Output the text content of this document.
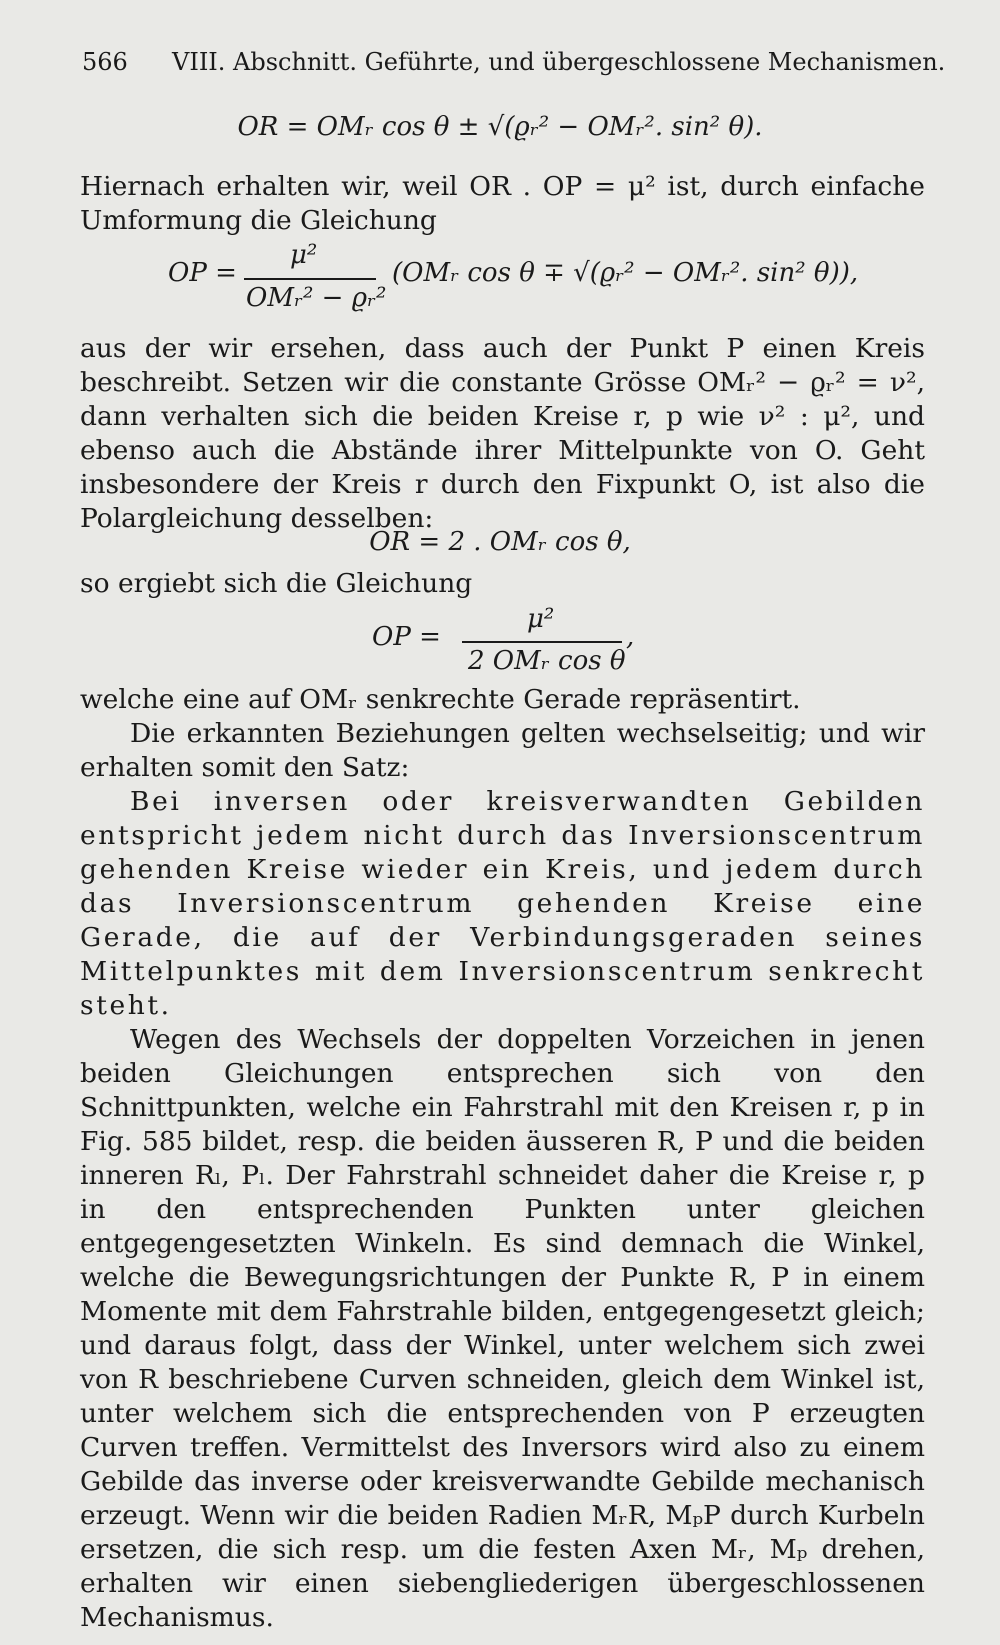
566 VIII. Abschnitt. Geführte, und übergeschlossene Mechanismen.
OR = OMᵣ cos θ ± √(ϱᵣ² − OMᵣ². sin² θ).

Hiernach erhalten wir, weil OR . OP = μ² ist, durch einfache Umformung die Gleichung

OP =
μ²
OMᵣ² − ϱᵣ²
(OMᵣ cos θ ∓ √(ϱᵣ² − OMᵣ². sin² θ)),

aus der wir ersehen, dass auch der Punkt P einen Kreis beschreibt. Setzen wir die constante Grösse OMᵣ² − ϱᵣ² = ν², dann verhalten sich die beiden Kreise r, p wie ν² : μ², und ebenso auch die Abstände ihrer Mittelpunkte von O. Geht insbesondere der Kreis r durch den Fixpunkt O, ist also die Polargleichung desselben:

OR = 2 . OMᵣ cos θ,

so ergiebt sich die Gleichung

OP =
μ²
2 OMᵣ cos θ
,

welche eine auf OMᵣ senkrechte Gerade repräsentirt.

Die erkannten Beziehungen gelten wechselseitig; und wir erhalten somit den Satz:

Bei inversen oder kreisverwandten Gebilden entspricht jedem nicht durch das Inversionscentrum gehenden Kreise wieder ein Kreis, und jedem durch das Inversionscentrum gehenden Kreise eine Gerade, die auf der Verbindungsgeraden seines Mittelpunktes mit dem Inversionscentrum senkrecht steht.

Wegen des Wechsels der doppelten Vorzeichen in jenen beiden Gleichungen entsprechen sich von den Schnittpunkten, welche ein Fahrstrahl mit den Kreisen r, p in Fig. 585 bildet, resp. die beiden äusseren R, P und die beiden inneren Rₗ, Pₗ. Der Fahrstrahl schneidet daher die Kreise r, p in den entsprechenden Punkten unter gleichen entgegengesetzten Winkeln. Es sind demnach die Winkel, welche die Bewegungsrichtungen der Punkte R, P in einem Momente mit dem Fahrstrahle bilden, entgegengesetzt gleich; und daraus folgt, dass der Winkel, unter welchem sich zwei von R beschriebene Curven schneiden, gleich dem Winkel ist, unter welchem sich die entsprechenden von P erzeugten Curven treffen. Vermittelst des Inversors wird also zu einem Gebilde das inverse oder kreisverwandte Gebilde mechanisch erzeugt. Wenn wir die beiden Radien MᵣR, MₚP durch Kurbeln ersetzen, die sich resp. um die festen Axen Mᵣ, Mₚ drehen, erhalten wir einen siebengliederigen übergeschlossenen Mechanismus.
